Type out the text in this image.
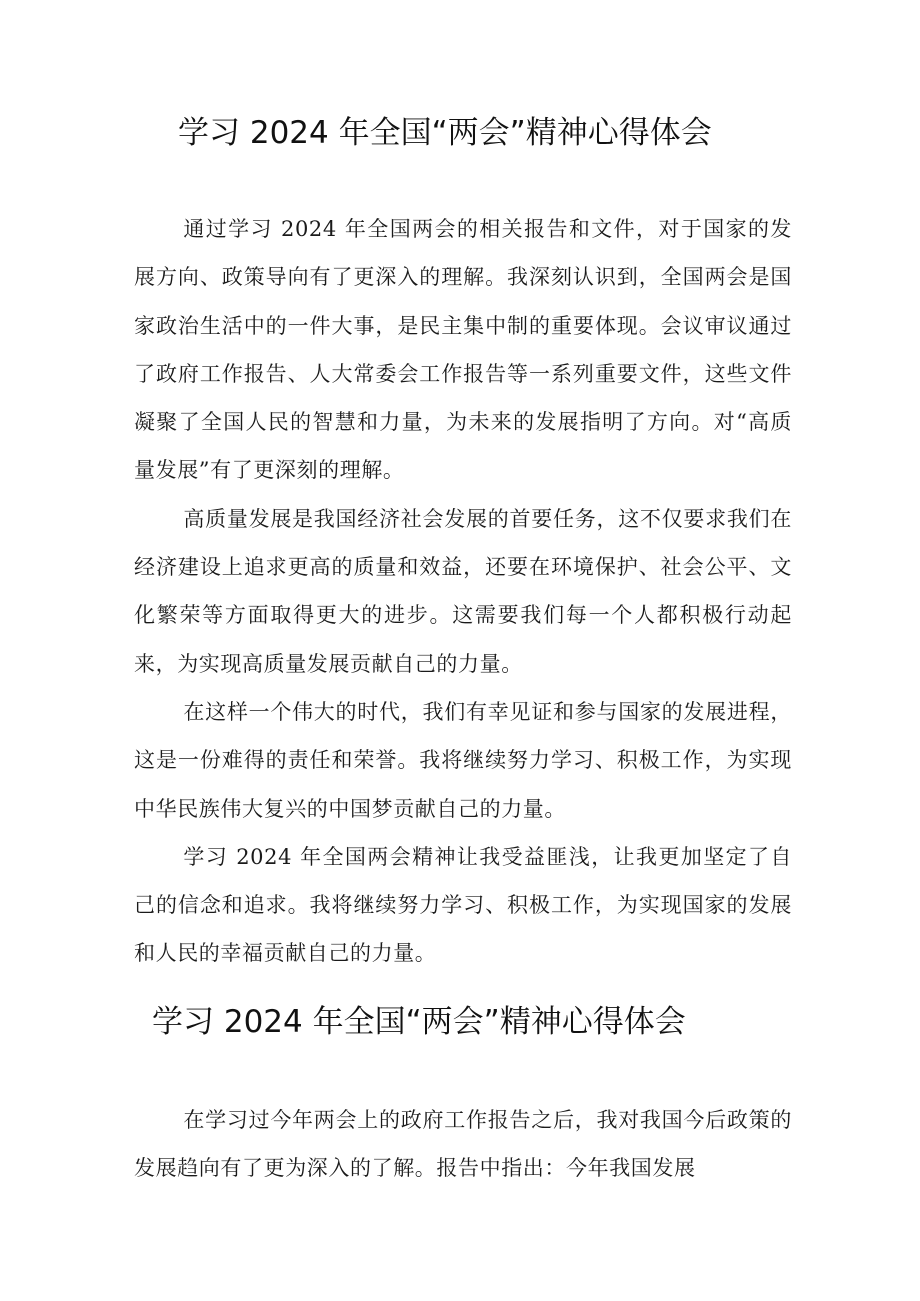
学习 2024 年全国“两会”精神心得体会

通过学习 2024 年全国两会的相关报告和文件，对于国家的发展方向、政策导向有了更深入的理解。我深刻认识到，全国两会是国家政治生活中的一件大事，是民主集中制的重要体现。会议审议通过了政府工作报告、人大常委会工作报告等一系列重要文件，这些文件凝聚了全国人民的智慧和力量，为未来的发展指明了方向。对“高质量发展”有了更深刻的理解。

高质量发展是我国经济社会发展的首要任务，这不仅要求我们在经济建设上追求更高的质量和效益，还要在环境保护、社会公平、文化繁荣等方面取得更大的进步。这需要我们每一个人都积极行动起来，为实现高质量发展贡献自己的力量。

在这样一个伟大的时代，我们有幸见证和参与国家的发展进程，这是一份难得的责任和荣誉。我将继续努力学习、积极工作，为实现中华民族伟大复兴的中国梦贡献自己的力量。

学习 2024 年全国两会精神让我受益匪浅，让我更加坚定了自己的信念和追求。我将继续努力学习、积极工作，为实现国家的发展和人民的幸福贡献自己的力量。

学习 2024 年全国“两会”精神心得体会

在学习过今年两会上的政府工作报告之后，我对我国今后政策的发展趋向有了更为深入的了解。报告中指出：今年我国发展
